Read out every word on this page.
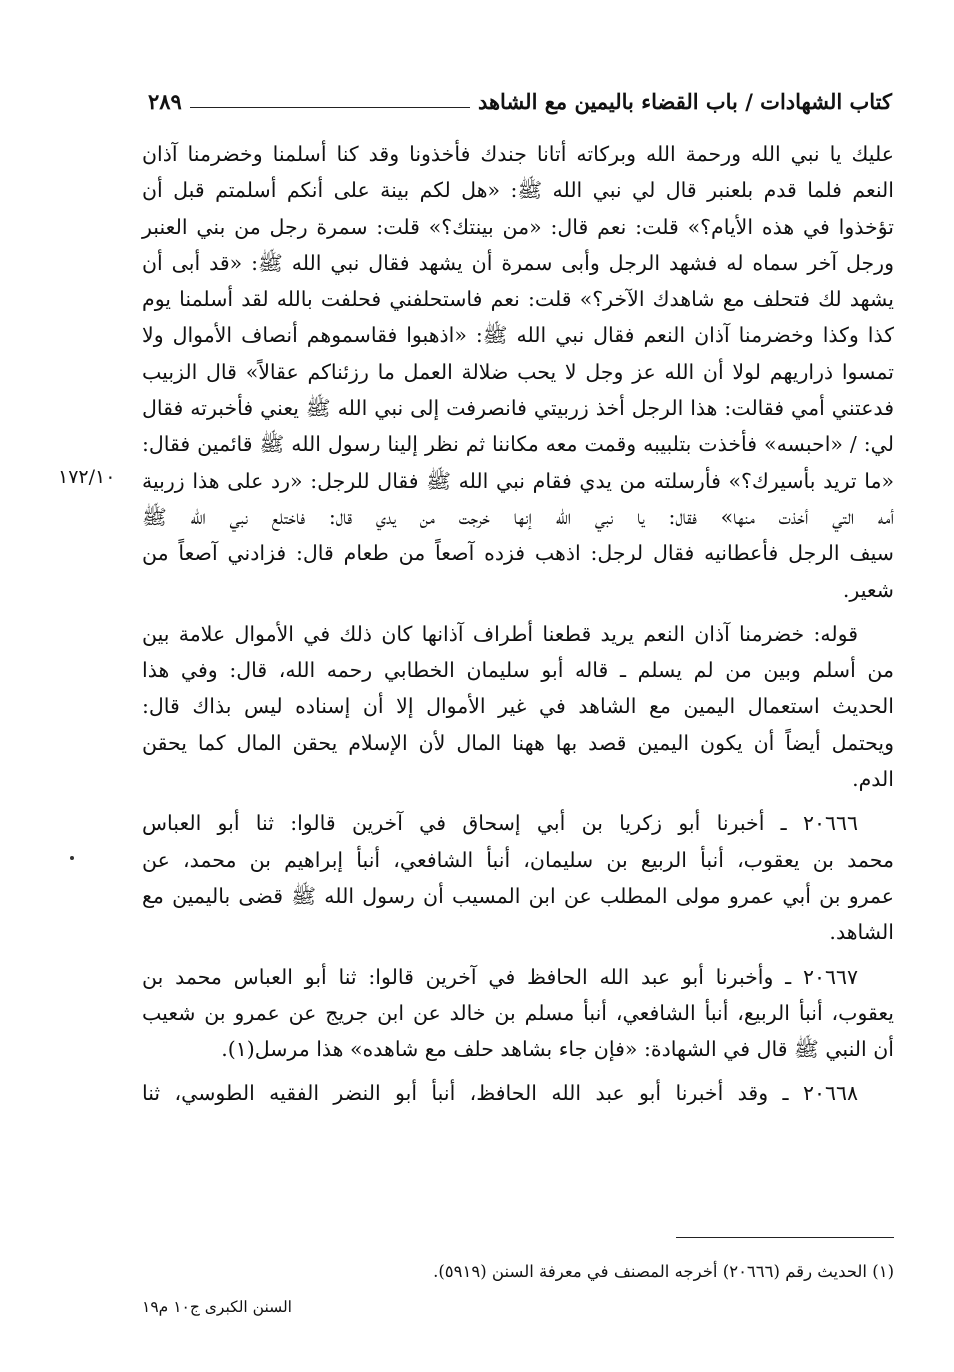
كتاب الشهادات / باب القضاء باليمين مع الشاهد
٢٨٩
١٧٢/١٠

عليك يا نبي الله ورحمة الله وبركاته أتانا جندك فأخذونا وقد كنا أسلمنا وخضرمنا آذان
النعم فلما قدم بلعنبر قال لي نبي الله ﷺ: «هل لكم بينة على أنكم أسلمتم قبل أن
تؤخذوا في هذه الأيام؟» قلت: نعم قال: «من بينتك؟» قلت: سمرة رجل من بني العنبر
ورجل آخر سماه له فشهد الرجل وأبى سمرة أن يشهد فقال نبي الله ﷺ: «قد أبى أن
يشهد لك فتحلف مع شاهدك الآخر؟» قلت: نعم فاستحلفني فحلفت بالله لقد أسلمنا يوم
كذا وكذا وخضرمنا آذان النعم فقال نبي الله ﷺ: «اذهبوا فقاسموهم أنصاف الأموال ولا
تمسوا ذراريهم لولا أن الله عز وجل لا يحب ضلالة العمل ما رزئناكم عقالاً» قال الزبيب
فدعتني أمي فقالت: هذا الرجل أخذ زربيتي فانصرفت إلى نبي الله ﷺ يعني فأخبرته فقال
لي: / «احبسه» فأخذت بتلبيبه وقمت معه مكاننا ثم نظر إلينا رسول الله ﷺ قائمين فقال:
«ما تريد بأسيرك؟» فأرسلته من يدي فقام نبي الله ﷺ فقال للرجل: «رد على هذا زربية
أمه التي أخذت منها» فقال: يا نبي الله إنها خرجت من يدي قال: فاختلع نبي الله ﷺ
سيف الرجل فأعطانيه فقال لرجل: اذهب فزده آصعاً من طعام قال: فزادني آصعاً من
شعير.

قوله: خضرمنا آذان النعم يريد قطعنا أطراف آذانها كان ذلك في الأموال علامة بين
من أسلم وبين من لم يسلم ـ قاله أبو سليمان الخطابي رحمه الله، قال: وفي هذا
الحديث استعمال اليمين مع الشاهد في غير الأموال إلا أن إسناده ليس بذاك قال:
ويحتمل أيضاً أن يكون اليمين قصد بها ههنا المال لأن الإسلام يحقن المال كما يحقن
الدم.

٢٠٦٦٦ ـ أخبرنا أبو زكريا بن أبي إسحاق في آخرين قالوا: ثنا أبو العباس
محمد بن يعقوب، أنبأ الربيع بن سليمان، أنبأ الشافعي، أنبأ إبراهيم بن محمد، عن
عمرو بن أبي عمرو مولى المطلب عن ابن المسيب أن رسول الله ﷺ قضى باليمين مع
الشاهد.

٢٠٦٦٧ ـ وأخبرنا أبو عبد الله الحافظ في آخرين قالوا: ثنا أبو العباس محمد بن
يعقوب، أنبأ الربيع، أنبأ الشافعي، أنبأ مسلم بن خالد عن ابن جريج عن عمرو بن شعيب
أن النبي ﷺ قال في الشهادة: «فإن جاء بشاهد حلف مع شاهده» هذا مرسل(١).

٢٠٦٦٨ ـ وقد أخبرنا أبو عبد الله الحافظ، أنبأ أبو النضر الفقيه الطوسي، ثنا

(١) الحديث رقم (٢٠٦٦٦) أخرجه المصنف في معرفة السنن (٥٩١٩).
السنن الكبرى ج١٠ م١٩
